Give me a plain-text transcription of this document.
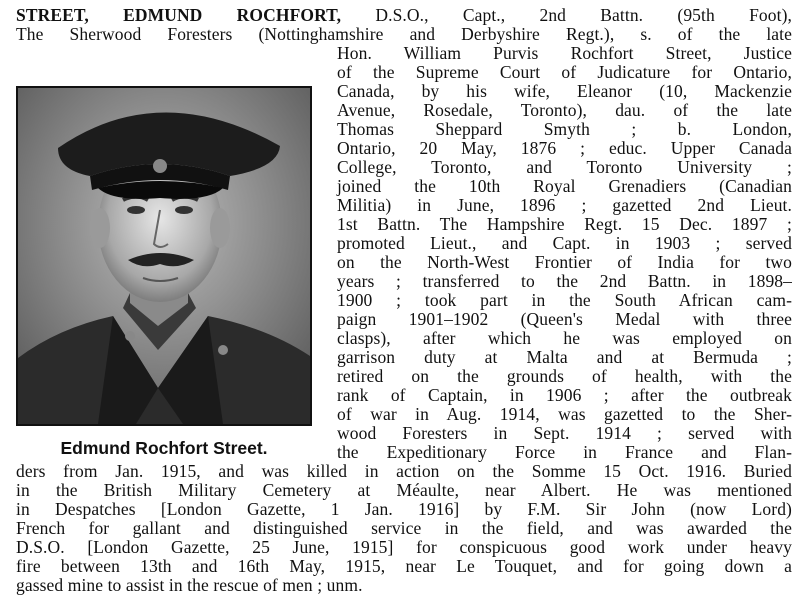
STREET, EDMUND ROCHFORT, D.S.O., Capt., 2nd Battn. (95th Foot),
The Sherwood Foresters (Nottinghamshire and Derbyshire Regt.), s. of the late
Hon. William Purvis Rochfort Street, Justice
of the Supreme Court of Judicature for Ontario,
Canada, by his wife, Eleanor (10, Mackenzie
Avenue, Rosedale, Toronto), dau. of the late
Thomas Sheppard Smyth ; b. London,
Ontario, 20 May, 1876 ; educ. Upper Canada
College, Toronto, and Toronto University ;
joined the 10th Royal Grenadiers (Canadian
Militia) in June, 1896 ; gazetted 2nd Lieut.
1st Battn. The Hampshire Regt. 15 Dec. 1897 ;
promoted Lieut., and Capt. in 1903 ; served
on the North-West Frontier of India for two
years ; transferred to the 2nd Battn. in 1898–
1900 ; took part in the South African cam-
paign 1901–1902 (Queen's Medal with three
clasps), after which he was employed on
garrison duty at Malta and at Bermuda ;
retired on the grounds of health, with the
rank of Captain, in 1906 ; after the outbreak
of war in Aug. 1914, was gazetted to the Sher-
wood Foresters in Sept. 1914 ; served with
the Expeditionary Force in France and Flan-
Edmund Rochfort Street.
ders from Jan. 1915, and was killed in action on the Somme 15 Oct. 1916. Buried
in the British Military Cemetery at Méaulte, near Albert. He was mentioned
in Despatches [London Gazette, 1 Jan. 1916] by F.M. Sir John (now Lord)
French for gallant and distinguished service in the field, and was awarded the
D.S.O. [London Gazette, 25 June, 1915] for conspicuous good work under heavy
fire between 13th and 16th May, 1915, near Le Touquet, and for going down a
gassed mine to assist in the rescue of men ; unm.
